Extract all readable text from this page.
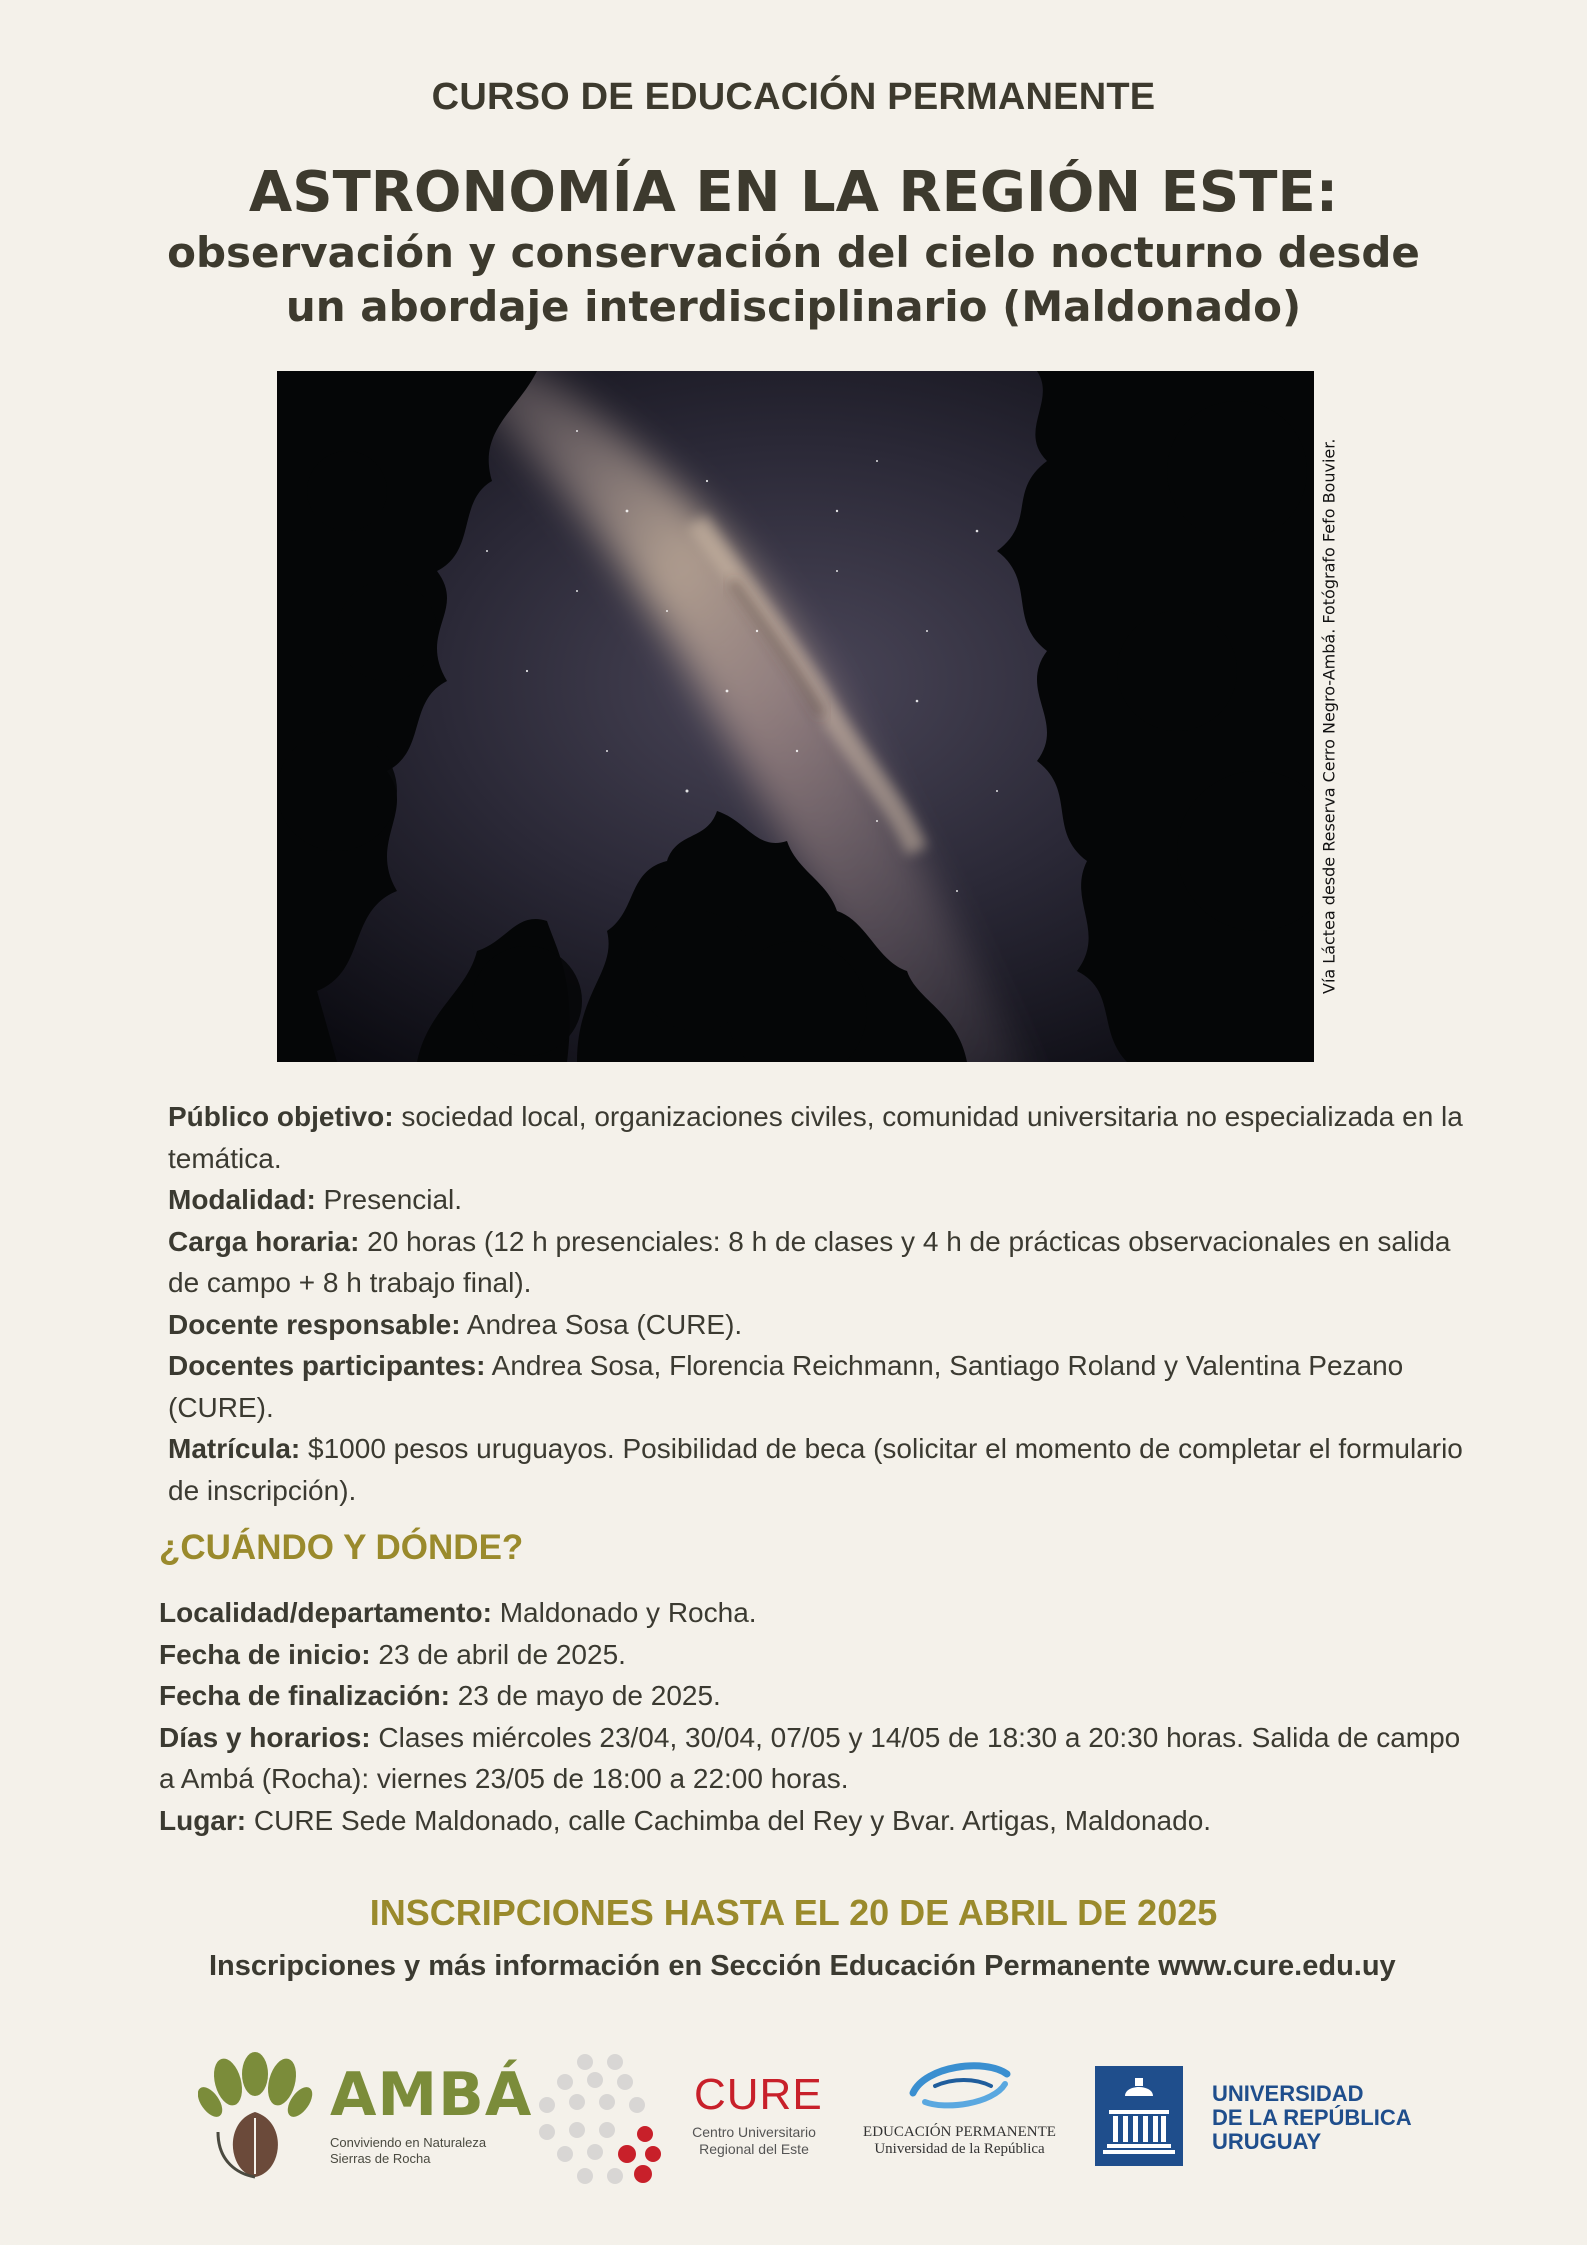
CURSO DE EDUCACIÓN PERMANENTE
ASTRONOMÍA EN LA REGIÓN ESTE:
observación y conservación del cielo nocturno desde
un abordaje interdisciplinario (Maldonado)
Vía Láctea desde Reserva Cerro Negro-Ambá. Fotógrafo Fefo Bouvier.

Público objetivo: sociedad local, organizaciones civiles, comunidad universitaria no especializada en la temática.

Modalidad: Presencial.

Carga horaria: 20 horas (12 h presenciales: 8 h de clases y 4 h de prácticas observacionales en salida de campo + 8 h trabajo final).

Docente responsable: Andrea Sosa (CURE).

Docentes participantes: Andrea Sosa, Florencia Reichmann, Santiago Roland y Valentina Pezano (CURE).

Matrícula: $1000 pesos uruguayos. Posibilidad de beca (solicitar el momento de completar el formulario de inscripción).

¿CUÁNDO Y DÓNDE?

Localidad/departamento: Maldonado y Rocha.

Fecha de inicio: 23 de abril de 2025.

Fecha de finalización: 23 de mayo de 2025.

Días y horarios: Clases miércoles 23/04, 30/04, 07/05 y 14/05 de 18:30 a 20:30 horas. Salida de campo a Ambá (Rocha): viernes 23/05 de 18:00 a 22:00 horas.

Lugar: CURE Sede Maldonado, calle Cachimba del Rey y Bvar. Artigas, Maldonado.

INSCRIPCIONES HASTA EL 20 DE ABRIL DE 2025
Inscripciones y más información en Sección Educación Permanente www.cure.edu.uy
AMBÁ
Conviviendo en Naturaleza
Sierras de Rocha
CURE
Centro Universitario
Regional del Este
EDUCACIÓN PERMANENTE
Universidad de la República
UNIVERSIDAD
DE LA REPÚBLICA
URUGUAY
